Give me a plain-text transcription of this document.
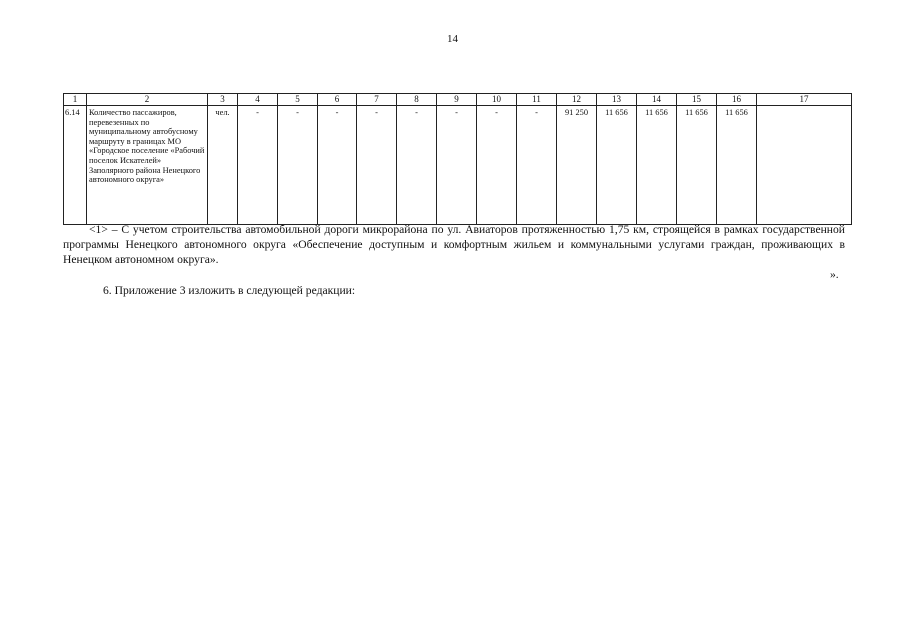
14
1	2	3	4	5	6	7	8	9	10	11	12	13	14	15	16	17
6.14	Количество пассажиров, перевезенных по муниципальному автобусному маршруту в границах МО «Городское поселение «Рабочий поселок Искателей» Заполярного района Ненецкого автономного округа»	чел.	-	-	-	-	-	-	-	-	91 250	11 656	11 656	11 656	11 656	
<1> – С учетом строительства автомобильной дороги микрорайона по ул. Авиаторов протяженностью 1,75 км, строящейся в рамках государственной программы Ненецкого автономного округа «Обеспечение доступным и комфортным жильем и коммунальными услугами граждан, проживающих в Ненецком автономном округа».
».
6. Приложение 3 изложить в следующей редакции:
